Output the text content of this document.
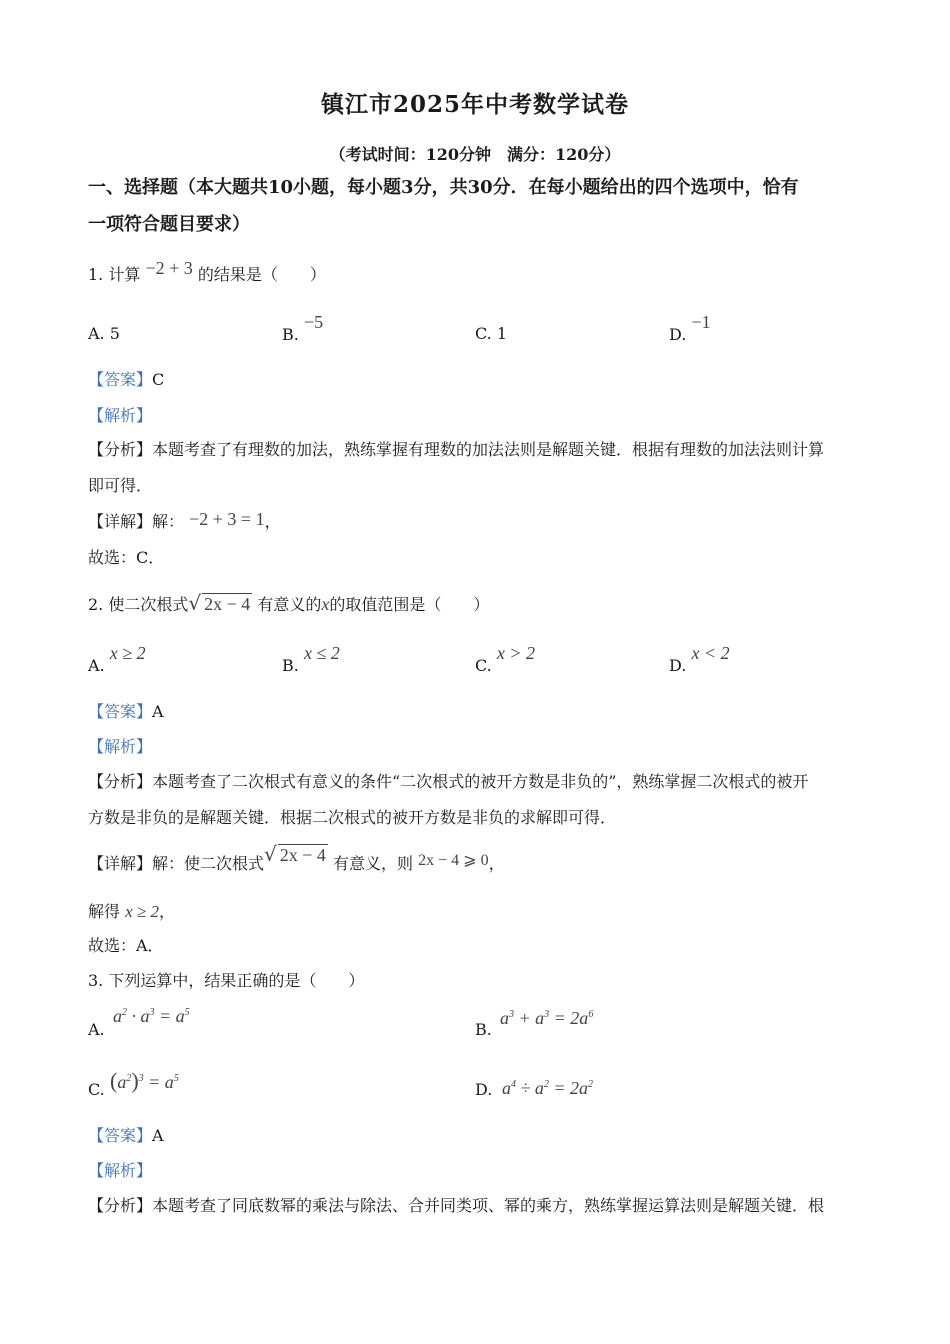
镇江市2025年中考数学试卷
（考试时间：120分钟　满分：120分）
一、选择题（本大题共10小题，每小题3分，共30分．在每小题给出的四个选项中，恰有
一项符合题目要求）
1. 计算 −2 + 3 的结果是（　　）
A. 5	B. −5
C. 1	D. −1
【答案】C
【解析】
【分析】本题考查了有理数的加法，熟练掌握有理数的加法法则是解题关键．根据有理数的加法法则计算
即可得．
【详解】解： −2 + 3 = 1，
故选：C．
2. 使二次根式√ 2x − 4 有意义的x的取值范围是（　　）
A. x ≥ 2
B. x ≤ 2
C. x > 2
D. x < 2
【答案】A
【解析】
【分析】本题考查了二次根式有意义的条件“二次根式的被开方数是非负的”，熟练掌握二次根式的被开
方数是非负的是解题关键．根据二次根式的被开方数是非负的求解即可得．
【详解】解：使二次根式√ 2x − 4 有意义，则 2x − 4 ⩾ 0，
解得 x ≥ 2，
故选：A．
3. 下列运算中，结果正确的是（　　）
A.
$a^2 \cdot a^3 = a^5$
B.
$a^3 + a^3 = 2a^6$
C. $(a^2)^3 = a^5$
D. $a^4 \div a^2 = 2a^2$
【答案】A
【解析】
【分析】本题考查了同底数幂的乘法与除法、合并同类项、幂的乘方，熟练掌握运算法则是解题关键．根
